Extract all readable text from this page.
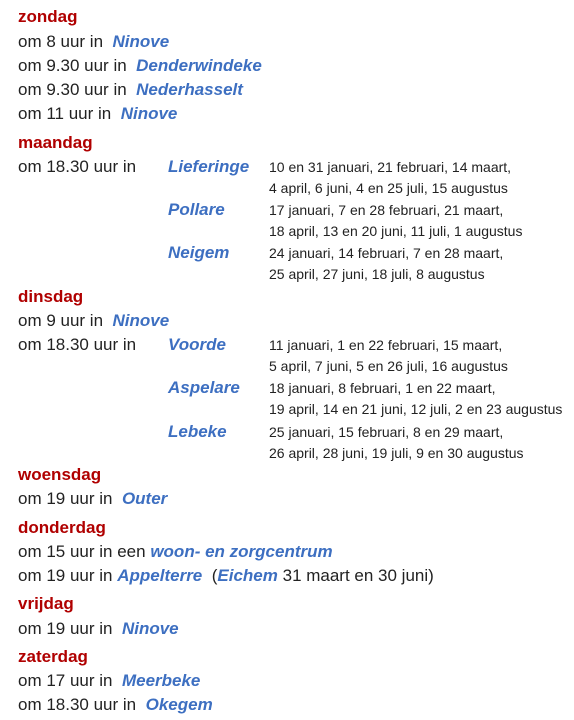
zondag
om 8 uur in Ninove
om 9.30 uur in Denderwindeke
om 9.30 uur in Nederhasselt
om 11 uur in Ninove
maandag
om 18.30 uur in Lieferinge 10 en 31 januari, 21 februari, 14 maart,
4 april, 6 juni, 4 en 25 juli, 15 augustus
Pollare	17 januari, 7 en 28 februari, 21 maart,
18 april, 13 en 20 juni, 11 juli, 1 augustus
Neigem	24 januari, 14 februari, 7 en 28 maart,
25 april, 27 juni, 18 juli, 8 augustus
dinsdag
om 9 uur in Ninove
om 18.30 uur in Voorde	11 januari, 1 en 22 februari, 15 maart,
5 april, 7 juni, 5 en 26 juli, 16 augustus
Aspelare 18 januari, 8 februari, 1 en 22 maart,
19 april, 14 en 21 juni, 12 juli, 2 en 23 augustus
Lebeke	25 januari, 15 februari, 8 en 29 maart,
26 april, 28 juni, 19 juli, 9 en 30 augustus
woensdag
om 19 uur in Outer
donderdag
om 15 uur in een woon- en zorgcentrum
om 19 uur in Appelterre (Eichem 31 maart en 30 juni)
vrijdag
om 19 uur in Ninove
zaterdag
om 17 uur in Meerbeke
om 18.30 uur in Okegem
